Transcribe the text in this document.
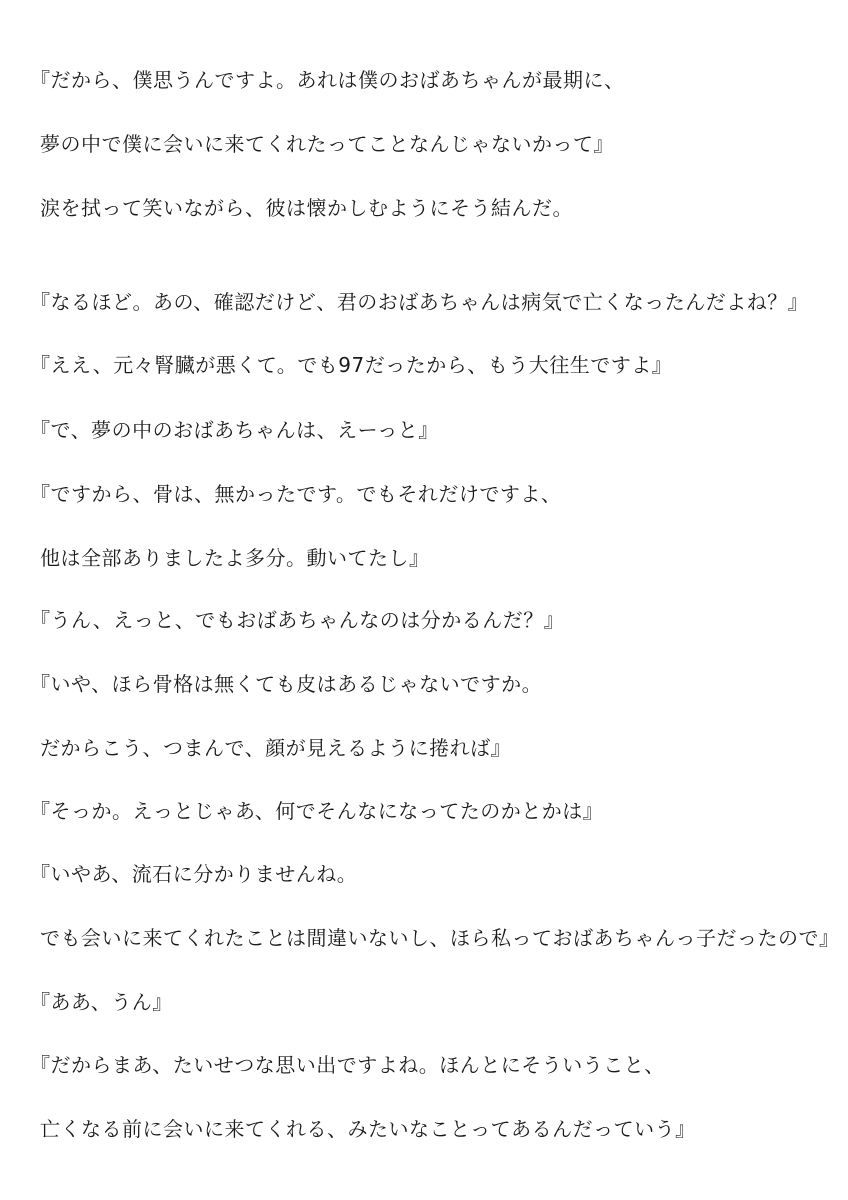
『だから、僕思うんですよ。あれは僕のおばあちゃんが最期に、
夢の中で僕に会いに来てくれたってことなんじゃないかって』
涙を拭って笑いながら、彼は懐かしむようにそう結んだ。
『なるほど。あの、確認だけど、君のおばあちゃんは病気で亡くなったんだよね？』
『ええ、元々腎臓が悪くて。でも97だったから、もう大往生ですよ』
『で、夢の中のおばあちゃんは、えーっと』
『ですから、骨は、無かったです。でもそれだけですよ、
他は全部ありましたよ多分。動いてたし』
『うん、えっと、でもおばあちゃんなのは分かるんだ？』
『いや、ほら骨格は無くても皮はあるじゃないですか。
だからこう、つまんで、顔が見えるように捲れば』
『そっか。えっとじゃあ、何でそんなになってたのかとかは』
『いやあ、流石に分かりませんね。
でも会いに来てくれたことは間違いないし、ほら私っておばあちゃんっ子だったので』
『ああ、うん』
『だからまあ、たいせつな思い出ですよね。ほんとにそういうこと、
亡くなる前に会いに来てくれる、みたいなことってあるんだっていう』
